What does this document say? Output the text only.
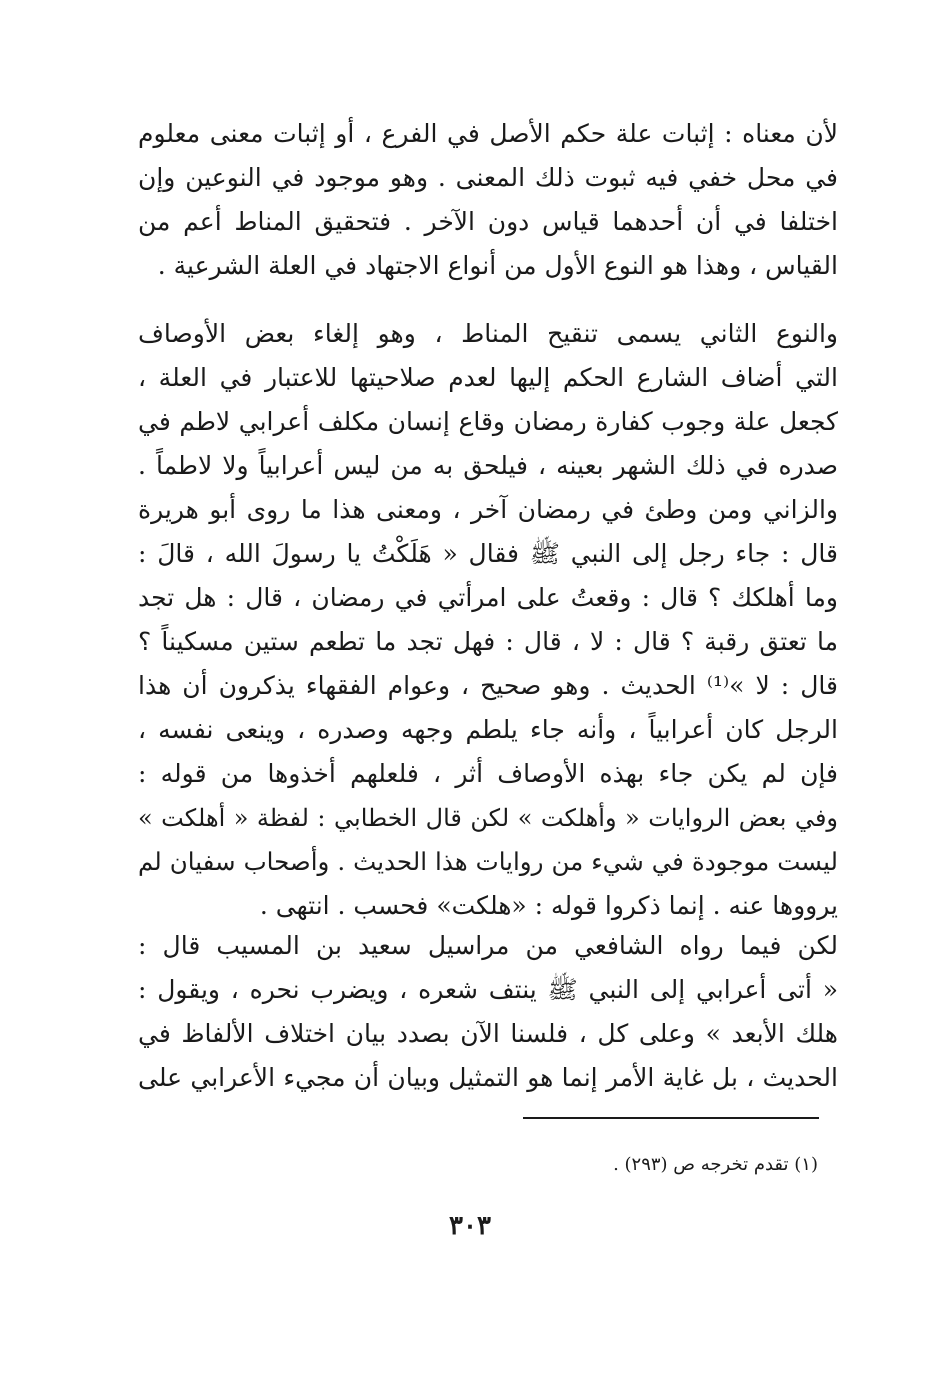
لأن معناه : إثبات علة حكم الأصل في الفرع ، أو إثبات معنى معلوم
في محل خفي فيه ثبوت ذلك المعنى . وهو موجود في النوعين وإن
اختلفا في أن أحدهما قياس دون الآخر . فتحقيق المناط أعم من
القياس ، وهذا هو النوع الأول من أنواع الاجتهاد في العلة الشرعية .
والنوع الثاني يسمى تنقيح المناط ، وهو إلغاء بعض الأوصاف
التي أضاف الشارع الحكم إليها لعدم صلاحيتها للاعتبار في العلة ،
كجعل علة وجوب كفارة رمضان وقاع إنسان مكلف أعرابي لاطم في
صدره في ذلك الشهر بعينه ، فيلحق به من ليس أعرابياً ولا لاطماً .
والزاني ومن وطئ في رمضان آخر ، ومعنى هذا ما روى أبو هريرة
قال : جاء رجل إلى النبي ﷺ فقال « هَلَكْتُ يا رسولَ الله ، قالَ :
وما أهلكك ؟ قال : وقعتُ على امرأتي في رمضان ، قال : هل تجد
ما تعتق رقبة ؟ قال : لا ، قال : فهل تجد ما تطعم ستين مسكيناً ؟
قال : لا »⁽¹⁾ الحديث . وهو صحيح ، وعوام الفقهاء يذكرون أن هذا
الرجل كان أعرابياً ، وأنه جاء يلطم وجهه وصدره ، وينعى نفسه ،
فإن لم يكن جاء بهذه الأوصاف أثر ، فلعلهم أخذوها من قوله :
وفي بعض الروايات « وأهلكت » لكن قال الخطابي : لفظة « أهلكت »
ليست موجودة في شيء من روايات هذا الحديث . وأصحاب سفيان لم
يرووها عنه . إنما ذكروا قوله : «هلكت» فحسب . انتهى .
لكن فيما رواه الشافعي من مراسيل سعيد بن المسيب قال :
« أتى أعرابي إلى النبي ﷺ ينتف شعره ، ويضرب نحره ، ويقول :
هلك الأبعد » وعلى كل ، فلسنا الآن بصدد بيان اختلاف الألفاظ في
الحديث ، بل غاية الأمر إنما هو التمثيل وبيان أن مجيء الأعرابي على
(١) تقدم تخرجه ص (٢٩٣) .
٣٠٣
